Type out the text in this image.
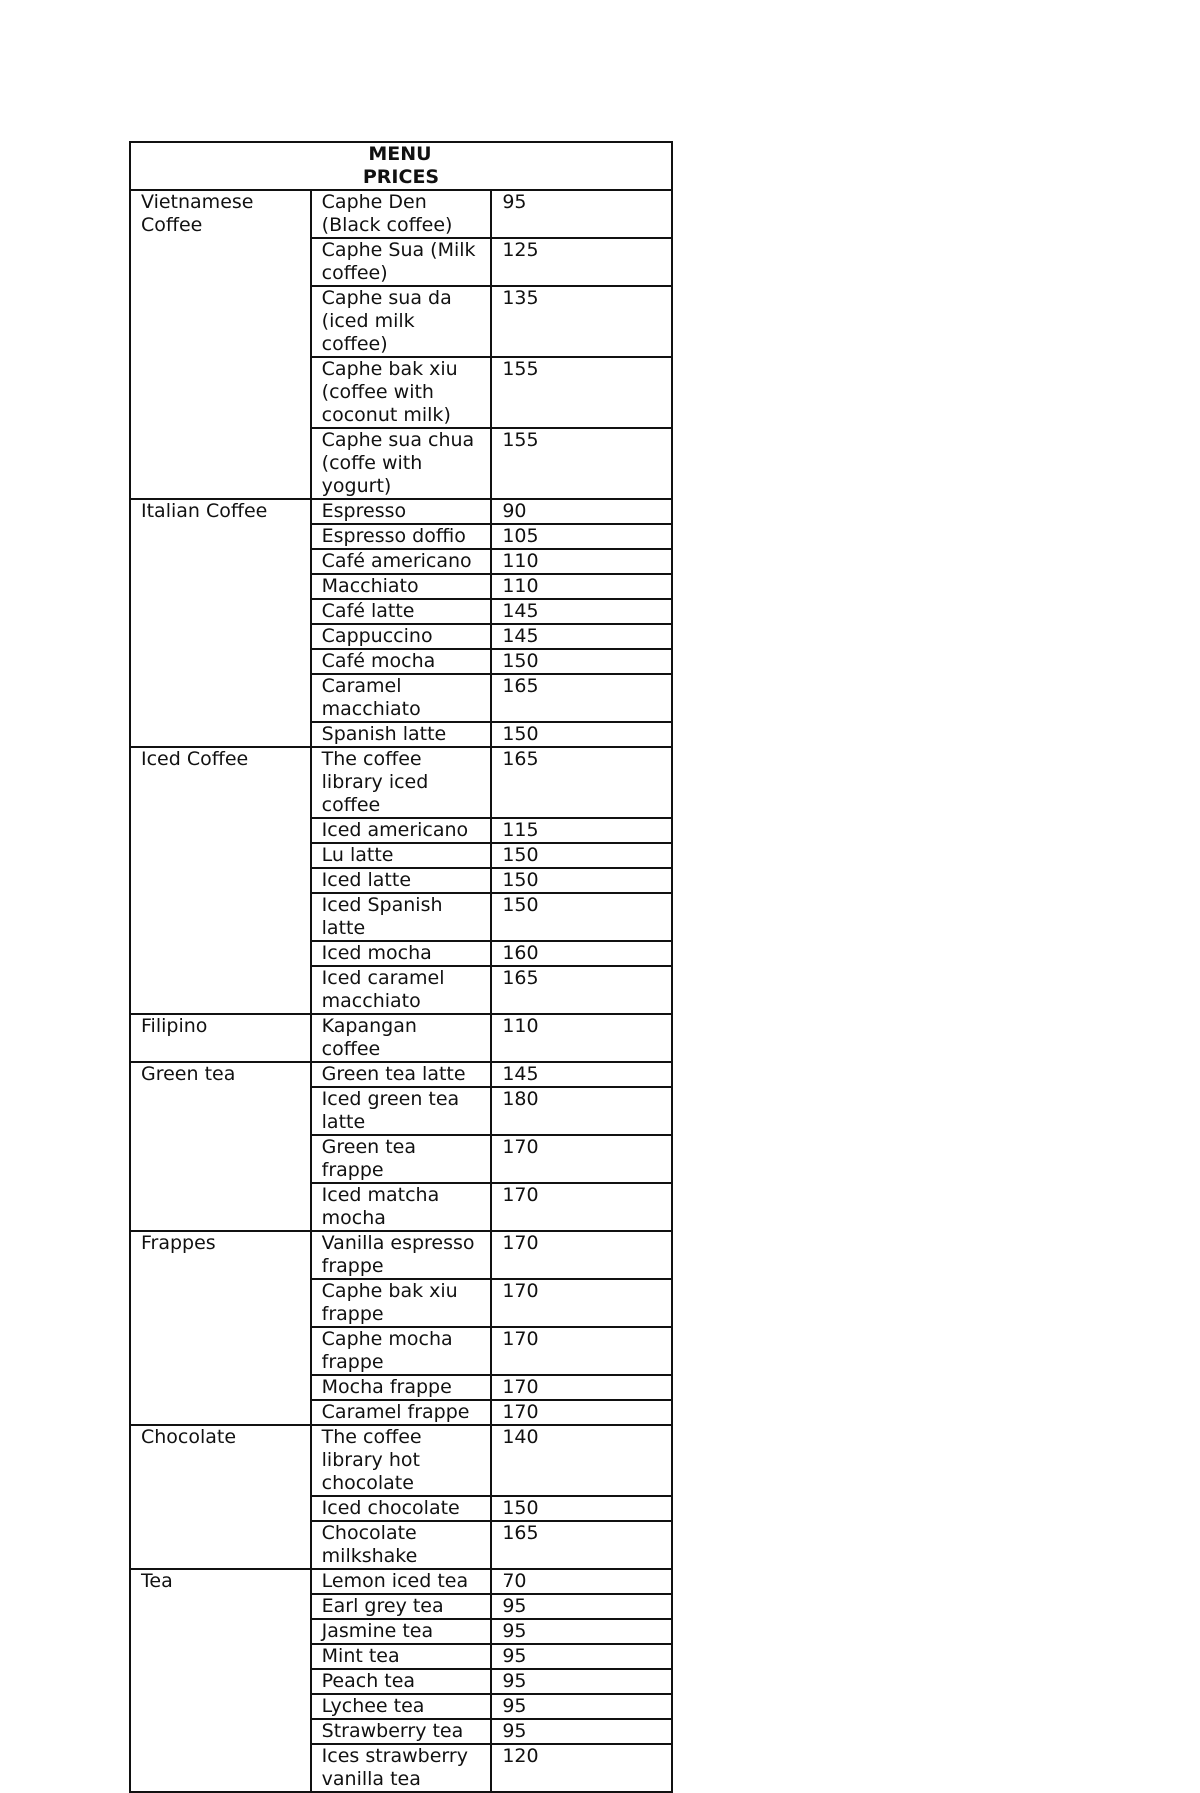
MENU
PRICES		

Vietnamese Coffee	Caphe Den (Black coffee)	95
	Caphe Sua (Milk coffee)	125
	Caphe sua da (iced milk coffee)	135
	Caphe bak xiu (coffee with coconut milk)	155
	Caphe sua chua (coffe with yogurt)	155
Italian Coffee	Espresso	90
	Espresso doffio	105
	Café americano	110
	Macchiato	110
	Café latte	145
	Cappuccino	145
	Café mocha	150
	Caramel macchiato	165
	Spanish latte	150
Iced Coffee	The coffee library iced coffee	165
	Iced americano	115
	Lu latte	150
	Iced latte	150
	Iced Spanish latte	150
	Iced mocha	160
	Iced caramel macchiato	165
Filipino	Kapangan coffee	110
Green tea	Green tea latte	145
	Iced green tea latte	180
	Green tea frappe	170
	Iced matcha mocha	170
Frappes	Vanilla espresso frappe	170
	Caphe bak xiu frappe	170
	Caphe mocha frappe	170
	Mocha frappe	170
	Caramel frappe	170
Chocolate	The coffee library hot chocolate	140
	Iced chocolate	150
	Chocolate milkshake	165
Tea	Lemon iced tea	70
	Earl grey tea	95
	Jasmine tea	95
	Mint tea	95
	Peach tea	95
	Lychee tea	95
	Strawberry tea	95
	Ices strawberry vanilla tea	120
